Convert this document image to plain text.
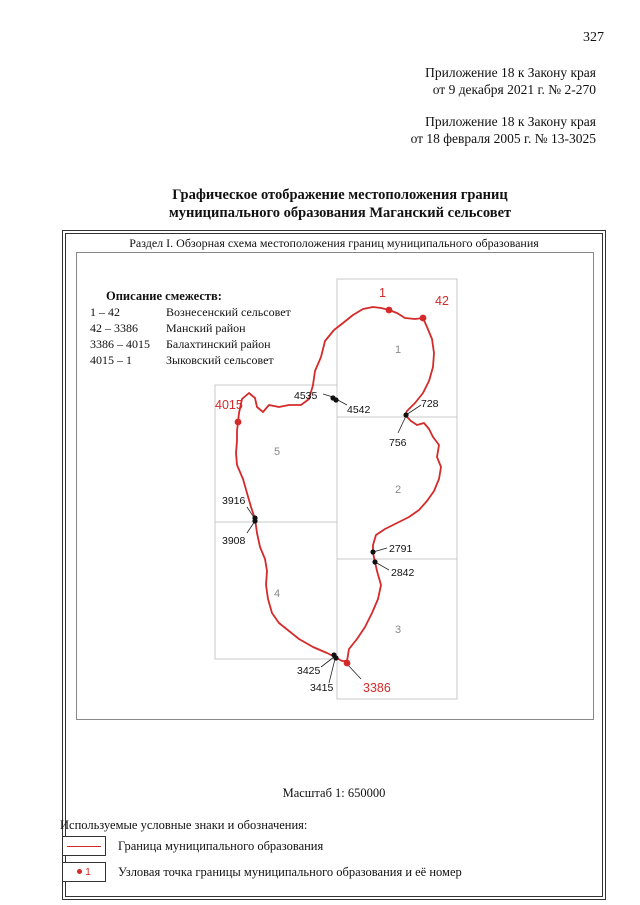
327
Приложение 18 к Закону края
от 9 декабря 2021 г. № 2-270
Приложение 18 к Закону края
от 18 февраля 2005 г. № 13-3025
Графическое отображение местоположения границ
муниципального образования Маганский сельсовет
Раздел I. Обзорная схема местоположения границ муниципального образования
1
2
3
4
5
1
42
3386
4015
4535
4542	728
756
3916
3908
2791
2842
3425
3415
Описание смежеств:
1 – 42	Вознесенский сельсовет
42 – 3386	Манский район
3386 – 4015	Балахтинский район
4015 – 1	Зыковский сельсовет
Масштаб 1: 650000
Используемые условные знаки и обозначения:
Граница муниципального образования
1 Узловая точка границы муниципального образования и её номер
